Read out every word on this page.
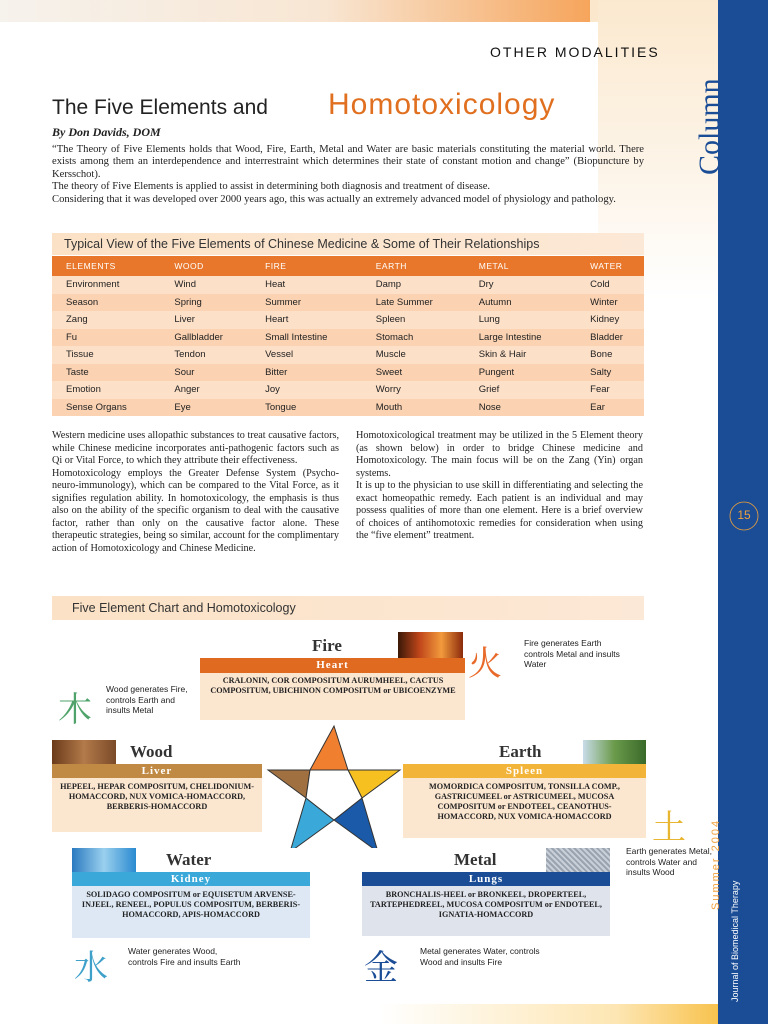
OTHER MODALITIES
Column
The Five Elements and Homotoxicology
By Don Davids, DOM

“The Theory of Five Elements holds that Wood, Fire, Earth, Metal and Water are basic materials constituting the material world. There exists among them an interdependence and interrestraint which determines their state of constant motion and change” (Biopuncture by Kersschot).

The theory of Five Elements is applied to assist in determining both diagnosis and treatment of disease.

Considering that it was developed over 2000 years ago, this was actually an extremely advanced model of physiology and pathology.

Typical View of the Five Elements of Chinese Medicine & Some of Their Relationships
ELEMENTS	WOOD	FIRE	EARTH	METAL	WATER
Environment	Wind	Heat	Damp	Dry	Cold
Season	Spring	Summer	Late Summer	Autumn	Winter
Zang	Liver	Heart	Spleen	Lung	Kidney
Fu	Gallbladder	Small Intestine	Stomach	Large Intestine	Bladder
Tissue	Tendon	Vessel	Muscle	Skin & Hair	Bone
Taste	Sour	Bitter	Sweet	Pungent	Salty
Emotion	Anger	Joy	Worry	Grief	Fear
Sense Organs	Eye	Tongue	Mouth	Nose	Ear

Western medicine uses allopathic substances to treat causative factors, while Chinese medicine incorporates anti-pathogenic factors such as Qi or Vital Force, to which they attribute their effectiveness.

Homotoxicology employs the Greater Defense System (Psycho-neuro-immunology), which can be compared to the Vital Force, as it signifies regulation ability. In homotoxicology, the emphasis is thus also on the ability of the specific organism to deal with the causative factor, rather than only on the causative factor alone. These therapeutic strategies, being so similar, account for the complimentary action of Homotoxicology and Chinese Medicine.

Homotoxicological treatment may be utilized in the 5 Element theory (as shown below) in order to bridge Chinese medicine and Homotoxicology. The main focus will be on the Zang (Yin) organ systems.

It is up to the physician to use skill in differentiating and selecting the exact homeopathic remedy. Each patient is an individual and may possess qualities of more than one element. Here is a brief overview of choices of antihomotoxic remedies for consideration when using the “five element” treatment.

Five Element Chart and Homotoxicology
Fire
Heart
CRALONIN, COR COMPOSITUM AURUMHEEL, CACTUS COMPOSITUM, UBICHINON COMPOSITUM or UBICOENZYME
火
Fire generates Earth controls Metal and insults Water
木
Wood generates Fire, controls Earth and insults Metal
Wood
Liver
HEPEEL, HEPAR COMPOSITUM, CHELIDONIUM-HOMACCORD, NUX VOMICA-HOMACCORD, BERBERIS-HOMACCORD
Earth
Spleen
MOMORDICA COMPOSITUM, TONSILLA COMP., GASTRICUMEEL or ASTRICUMEEL, MUCOSA COMPOSITUM or ENDOTEEL, CEANOTHUS-HOMACCORD, NUX VOMICA-HOMACCORD	土
Earth generates Metal, controls Water and insults Wood
Water
Kidney
SOLIDAGO COMPOSITUM or EQUISETUM ARVENSE-INJEEL, RENEEL, POPULUS COMPOSITUM, BERBERIS-HOMACCORD, APIS-HOMACCORD
水 Water generates Wood, controls Fire and insults Earth
Metal
Lungs
BRONCHALIS-HEEL or BRONKEEL, DROPERTEEL, TARTEPHEDREEL, MUCOSA COMPOSITUM or ENDOTEEL, IGNATIA-HOMACCORD
金	Metal generates Water, controls Wood and insults Fire
15
Summer 2004
Journal of Biomedical Therapy
